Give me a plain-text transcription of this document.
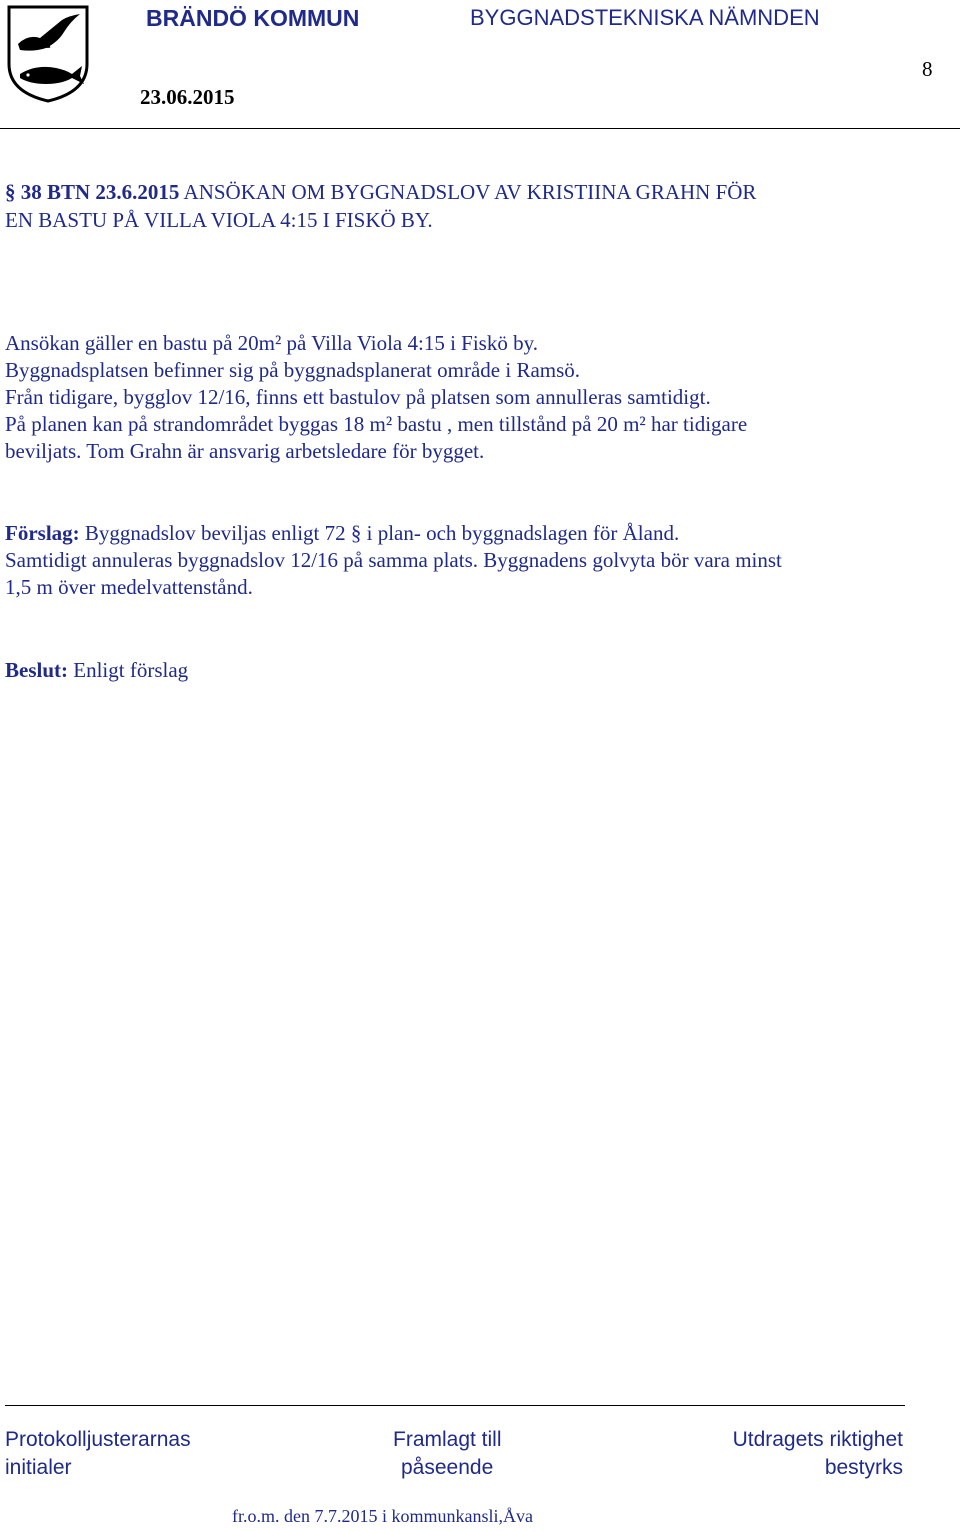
BRÄNDÖ KOMMUN	BYGGNADSTEKNISKA NÄMNDEN
23.06.2015
8
§ 38 BTN 23.6.2015 ANSÖKAN OM BYGGNADSLOV AV KRISTIINA GRAHN FÖR
EN BASTU PÅ VILLA VIOLA 4:15 I FISKÖ BY.
Ansökan gäller en bastu på 20m² på Villa Viola 4:15 i Fiskö by.
Byggnadsplatsen befinner sig på byggnadsplanerat område i Ramsö.
Från tidigare, bygglov 12/16, finns ett bastulov på platsen som annulleras samtidigt.
På planen kan på strandområdet byggas 18 m² bastu , men tillstånd på 20 m² har tidigare
beviljats. Tom Grahn är ansvarig arbetsledare för bygget.
Förslag: Byggnadslov beviljas enligt 72 § i plan- och byggnadslagen för Åland.
Samtidigt annuleras byggnadslov 12/16 på samma plats. Byggnadens golvyta bör vara minst
1,5 m över medelvattenstånd.
Beslut: Enligt förslag
Protokolljusterarnas
initialer
Framlagt till
påseende
Utdragets riktighet
bestyrks
fr.o.m. den 7.7.2015 i kommunkansli,Åva
